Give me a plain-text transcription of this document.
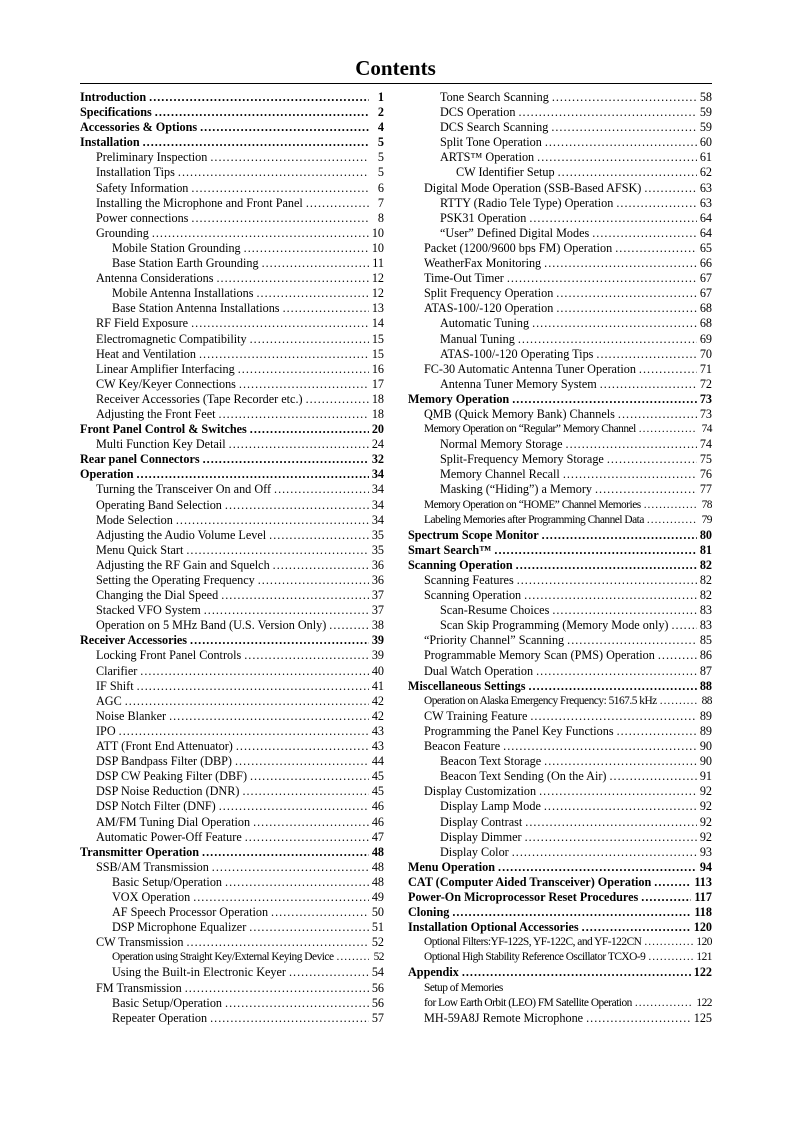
Contents
Introduction .....	1
Specifications .....	2
Accessories & Options .....	4
Installation .....	5
Preliminary Inspection .....	5
Installation Tips .....	5
Safety Information .....	6
Installing the Microphone and Front Panel .....	7
Power connections .....	8
Grounding .....	10
Mobile Station Grounding .....	10
Base Station Earth Grounding .....	11
Antenna Considerations .....	12
Mobile Antenna Installations .....	12
Base Station Antenna Installations .....	13
RF Field Exposure .....	14
Electromagnetic Compatibility .....	15
Heat and Ventilation .....	15
Linear Amplifier Interfacing .....	16
CW Key/Keyer Connections .....	17
Receiver Accessories (Tape Recorder etc.) .....	18
Adjusting the Front Feet .....	18
Front Panel Control & Switches .....	20
Multi Function Key Detail .....	24
Rear panel Connectors .....	32
Operation .....	34
Turning the Transceiver On and Off .....	34
Operating Band Selection .....	34
Mode Selection .....	34
Adjusting the Audio Volume Level .....	35
Menu Quick Start .....	35
Adjusting the RF Gain and Squelch .....	36
Setting the Operating Frequency .....	36
Changing the Dial Speed .....	37
Stacked VFO System .....	37
Operation on 5 MHz Band (U.S. Version Only) .....	38
Receiver Accessories .....	39
Locking Front Panel Controls .....	39
Clarifier .....	40
IF Shift .....	41
AGC .....	42
Noise Blanker .....	42
IPO .....	43
ATT (Front End Attenuator) .....	43
DSP Bandpass Filter (DBP) .....	44
DSP CW Peaking Filter (DBF) .....	45
DSP Noise Reduction (DNR) .....	45
DSP Notch Filter (DNF) .....	46
AM/FM Tuning Dial Operation .....	46
Automatic Power-Off Feature .....	47
Transmitter Operation .....	48
SSB/AM Transmission .....	48
Basic Setup/Operation .....	48
VOX Operation .....	49
AF Speech Processor Operation .....	50
DSP Microphone Equalizer .....	51
CW Transmission .....	52
Operation using Straight Key/External Keying Device .....	52
Using the Built-in Electronic Keyer .....	54
FM Transmission .....	56
Basic Setup/Operation .....	56
Repeater Operation .....	57
Tone Search Scanning .....	58
DCS Operation .....	59
DCS Search Scanning .....	59
Split Tone Operation .....	60
ARTS™ Operation .....	61
CW Identifier Setup .....	62
Digital Mode Operation (SSB-Based AFSK) .....	63
RTTY (Radio Tele Type) Operation .....	63
PSK31 Operation .....	64
“User” Defined Digital Modes .....	64
Packet (1200/9600 bps FM) Operation .....	65
WeatherFax Monitoring .....	66
Time-Out Timer .....	67
Split Frequency Operation .....	67
ATAS-100/-120 Operation .....	68
Automatic Tuning .....	68
Manual Tuning .....	69
ATAS-100/-120 Operating Tips .....	70
FC-30 Automatic Antenna Tuner Operation .....	71
Antenna Tuner Memory System .....	72
Memory Operation .....	73
QMB (Quick Memory Bank) Channels .....	73
Memory Operation on “Regular” Memory Channel .....	74
Normal Memory Storage .....	74
Split-Frequency Memory Storage .....	75
Memory Channel Recall .....	76
Masking (“Hiding”) a Memory .....	77
Memory Operation on “HOME” Channel Memories .....	78
Labeling Memories after Programming Channel Data .....	79
Spectrum Scope Monitor .....	80
Smart Search™ .....	81
Scanning Operation .....	82
Scanning Features .....	82
Scanning Operation .....	82
Scan-Resume Choices .....	83
Scan Skip Programming (Memory Mode only) .....	83
“Priority Channel” Scanning .....	85
Programmable Memory Scan (PMS) Operation .....	86
Dual Watch Operation .....	87
Miscellaneous Settings .....	88
Operation on Alaska Emergency Frequency: 5167.5 kHz .....	88
CW Training Feature .....	89
Programming the Panel Key Functions .....	89
Beacon Feature .....	90
Beacon Text Storage .....	90
Beacon Text Sending (On the Air) .....	91
Display Customization .....	92
Display Lamp Mode .....	92
Display Contrast .....	92
Display Dimmer .....	92
Display Color .....	93
Menu Operation .....	94
CAT (Computer Aided Transceiver) Operation .....	113
Power-On Microprocessor Reset Procedures .....	117
Cloning .....	118
Installation Optional Accessories .....	120
Optional Filters:YF-122S, YF-122C, and YF-122CN .....	120
Optional High Stability Reference Oscillator TCXO-9 .....	121
Appendix .....	122
Setup of Memories
for Low Earth Orbit (LEO) FM Satellite Operation .....	122
MH-59A8J Remote Microphone .....	125
